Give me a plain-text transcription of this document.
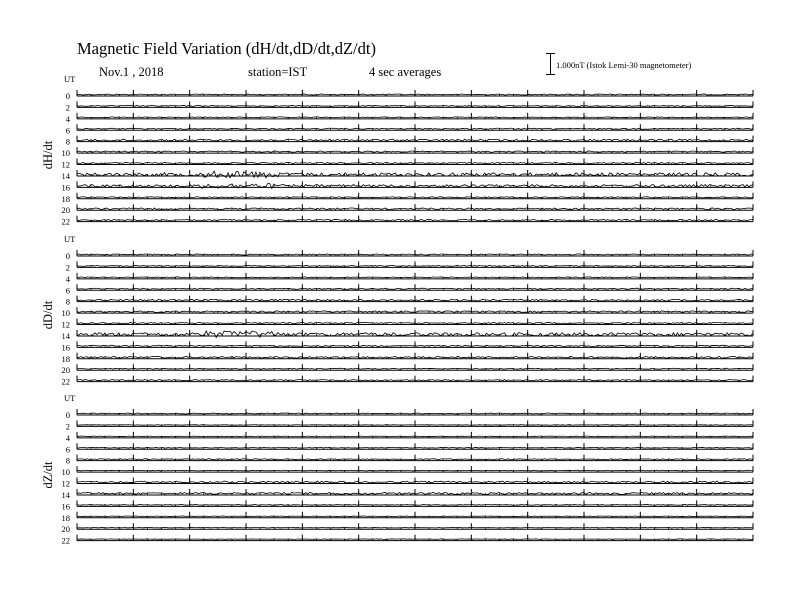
Magnetic Field Variation (dH/dt,dD/dt,dZ/dt)
Nov.1 , 2018	station=IST	4 sec averages	1.000nT (Istok Lemi-30 magnetometer)
UT
dH/dt
0
2
4
6
8
10
12
14
16
18
20
22
UT
dD/dt
0
2
4
6
8
10
12
14
16
18
20
22
UT
dZ/dt
0
2
4
6
8
10
12
14
16
18
20
22
